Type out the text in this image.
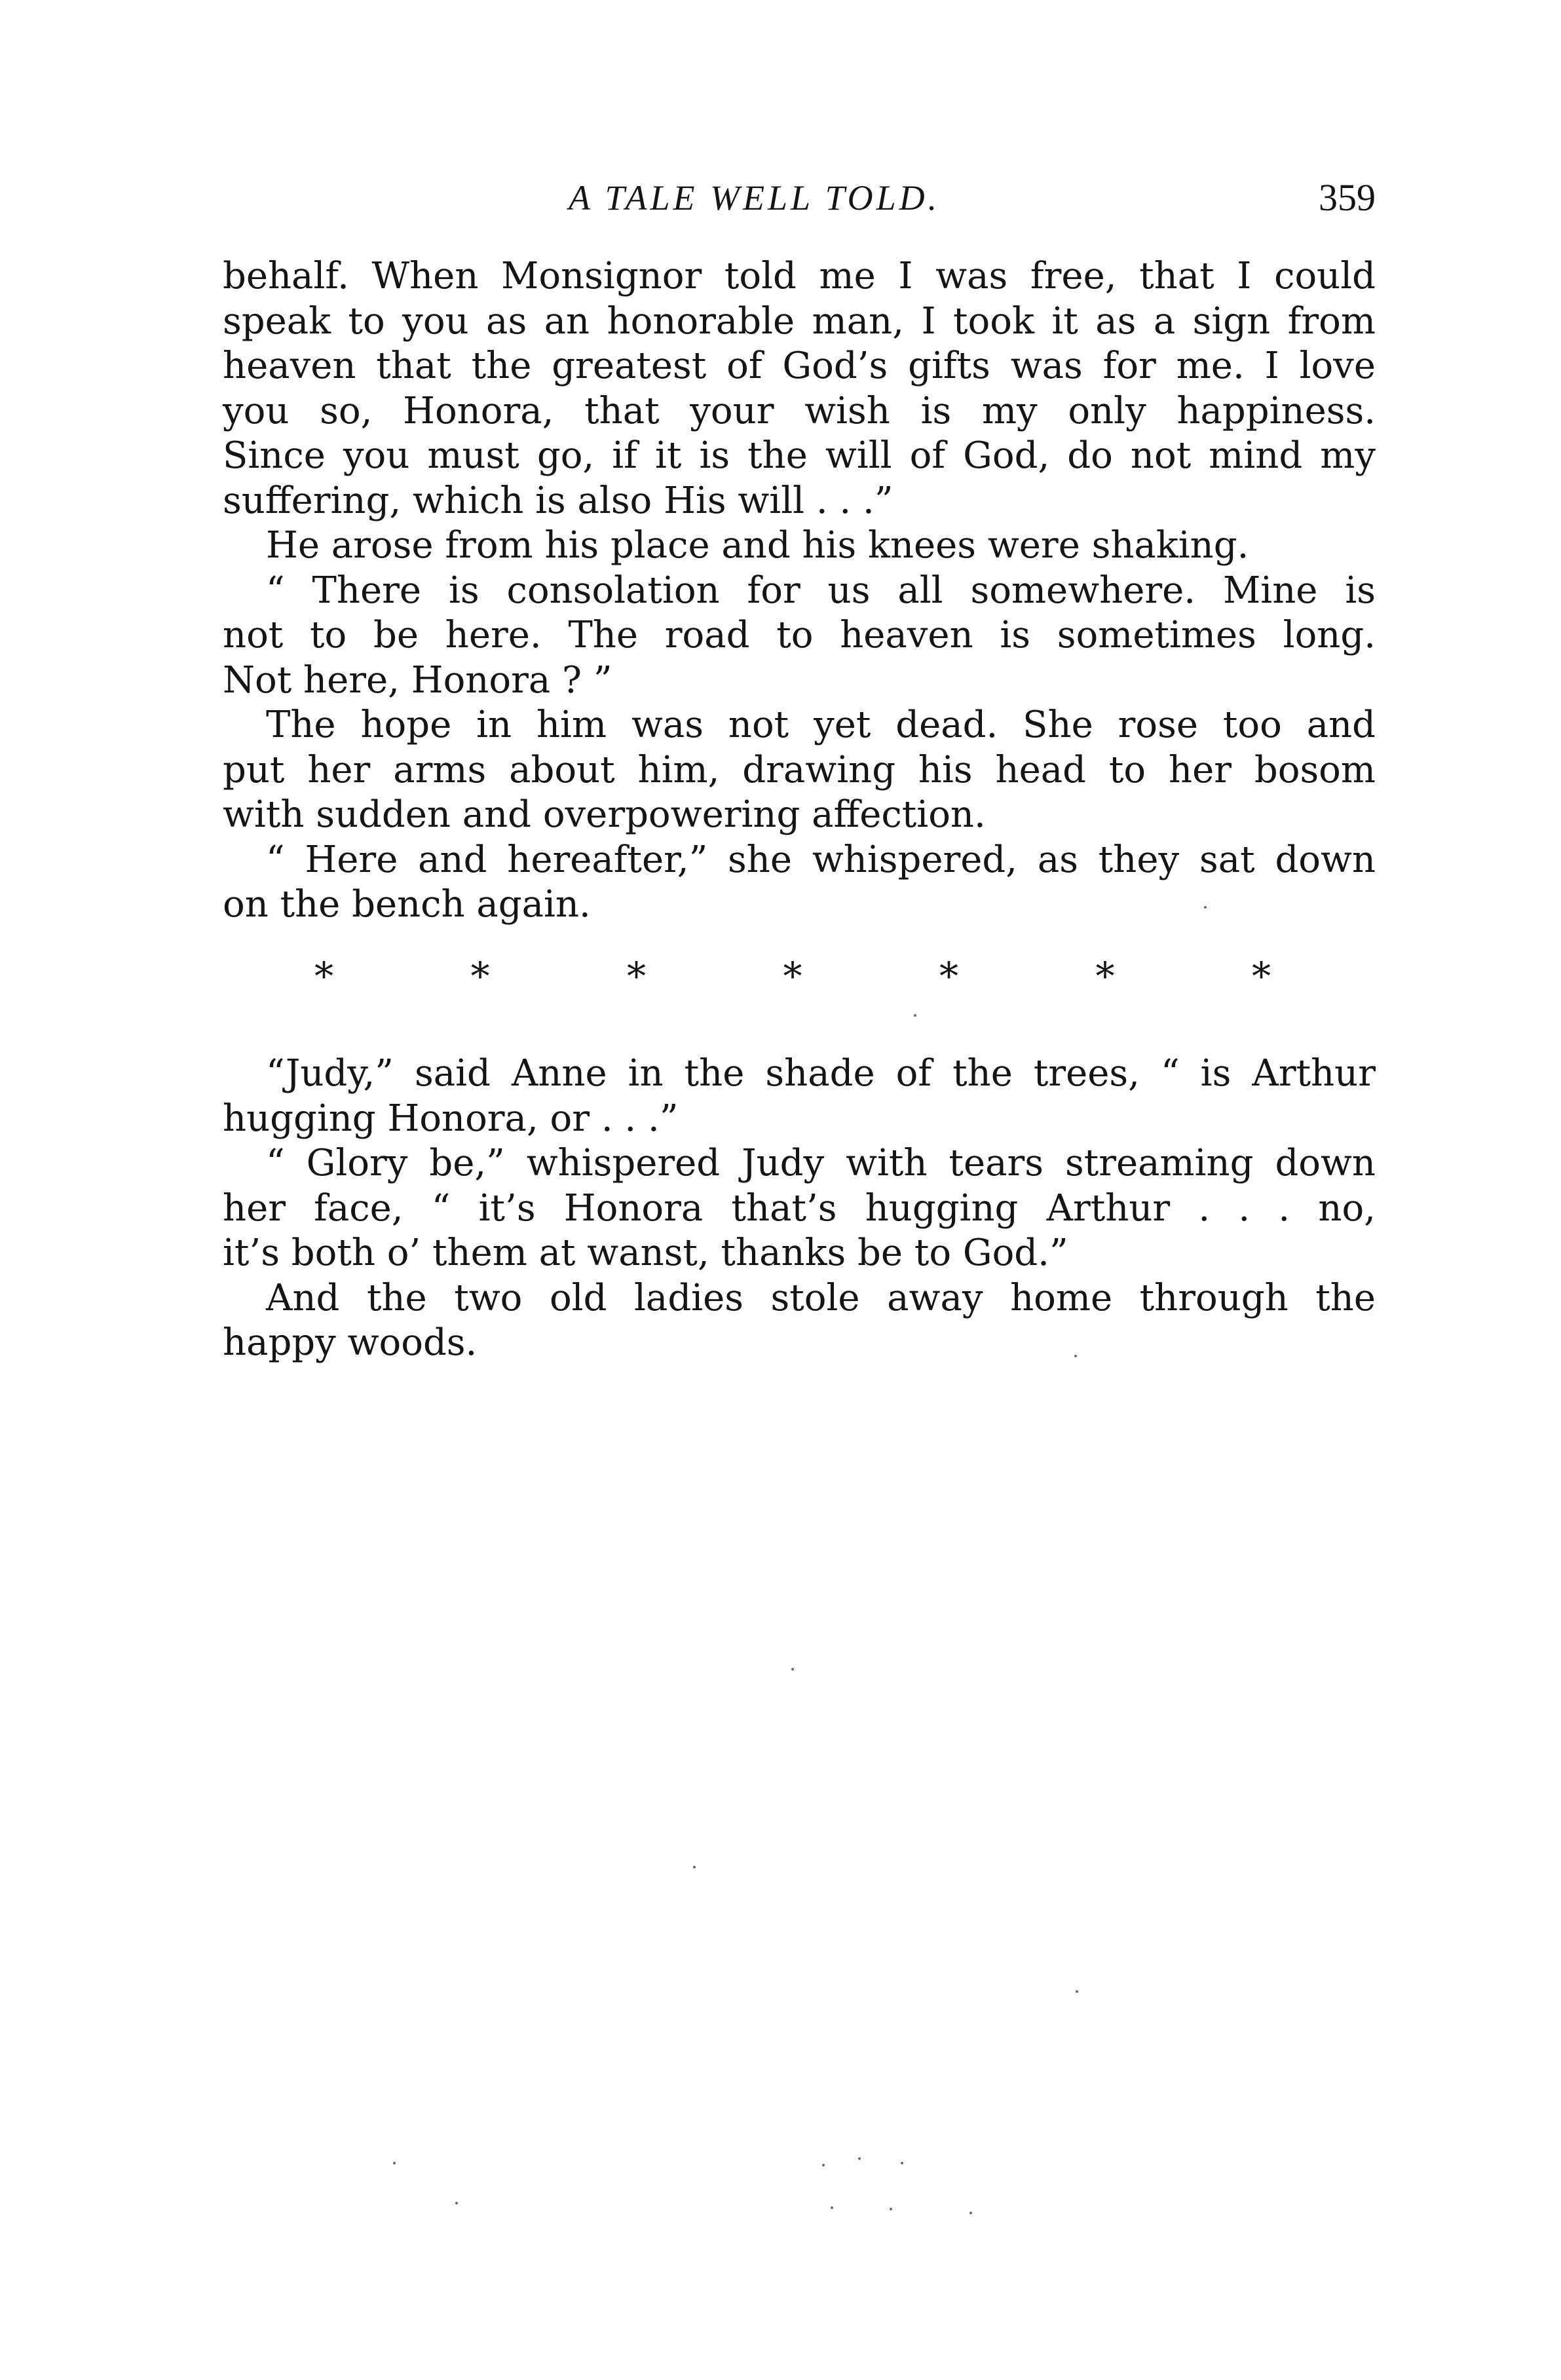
A TALE WELL TOLD.	359
behalf. When Monsignor told me I was free, that I could
speak to you as an honorable man, I took it as a sign from
heaven that the greatest of God’s gifts was for me. I love
you so, Honora, that your wish is my only happiness.
Since you must go, if it is the will of God, do not mind my
suffering, which is also His will . . .”
He arose from his place and his knees were shaking.
“ There is consolation for us all somewhere. Mine is
not to be here. The road to heaven is sometimes long.
Not here, Honora ? ”
The hope in him was not yet dead. She rose too and
put her arms about him, drawing his head to her bosom
with sudden and overpowering affection.
“ Here and hereafter,” she whispered, as they sat down
on the bench again.
*	*	*	*	*	*	*
“Judy,” said Anne in the shade of the trees, “ is Arthur
hugging Honora, or . . .”
“ Glory be,” whispered Judy with tears streaming down
her face, “ it’s Honora that’s hugging Arthur . . . no,
it’s both o’ them at wanst, thanks be to God.”
And the two old ladies stole away home through the
happy woods.
